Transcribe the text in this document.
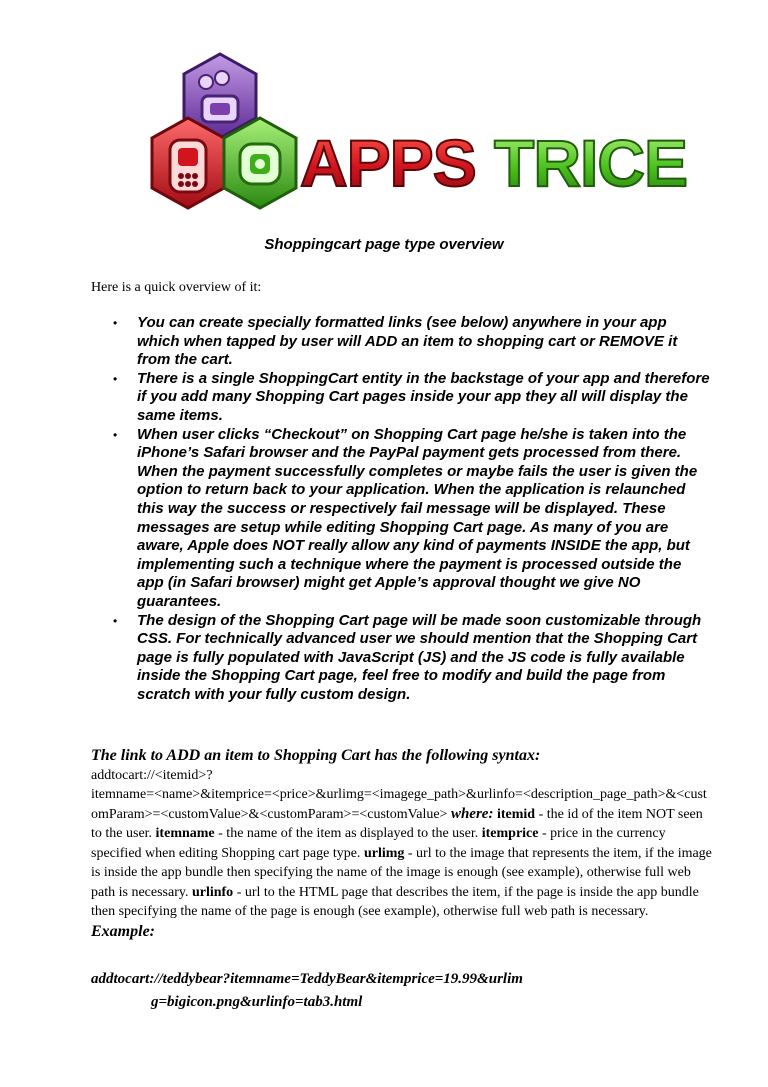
APPS TRICE
Shoppingcart page type overview
Here is a quick overview of it:
• You can create specially formatted links (see below) anywhere in your app which when tapped by user will ADD an item to shopping cart or REMOVE it from the cart.
• There is a single ShoppingCart entity in the backstage of your app and therefore if you add many Shopping Cart pages inside your app they all will display the same items.
• When user clicks “Checkout” on Shopping Cart page he/she is taken into the iPhone’s Safari browser and the PayPal payment gets processed from there. When the payment successfully completes or maybe fails the user is given the option to return back to your application. When the application is relaunched this way the success or respectively fail message will be displayed. These messages are setup while editing Shopping Cart page. As many of you are aware, Apple does NOT really allow any kind of payments INSIDE the app, but implementing such a technique where the payment is processed outside the app (in Safari browser) might get Apple’s approval thought we give NO guarantees.
• The design of the Shopping Cart page will be made soon customizable through CSS. For technically advanced user we should mention that the Shopping Cart page is fully populated with JavaScript (JS) and the JS code is fully available inside the Shopping Cart page, feel free to modify and build the page from scratch with your fully custom design.
The link to ADD an item to Shopping Cart has the following syntax:
addtocart://<itemid>?
itemname=<name>&itemprice=<price>&urlimg=<imagege_path>&urlinfo=<description_page_path>&<customParam>=<customValue>&<customParam>=<customValue> where: itemid - the id of the item NOT seen to the user. itemname - the name of the item as displayed to the user. itemprice - price in the currency specified when editing Shopping cart page type. urlimg - url to the image that represents the item, if the image is inside the app bundle then specifying the name of the image is enough (see example), otherwise full web path is necessary. urlinfo - url to the HTML page that describes the item, if the page is inside the app bundle then specifying the name of the page is enough (see example), otherwise full web path is necessary.
Example:
addtocart://teddybear?itemname=TeddyBear&itemprice=19.99&urlim
g=bigicon.png&urlinfo=tab3.html
